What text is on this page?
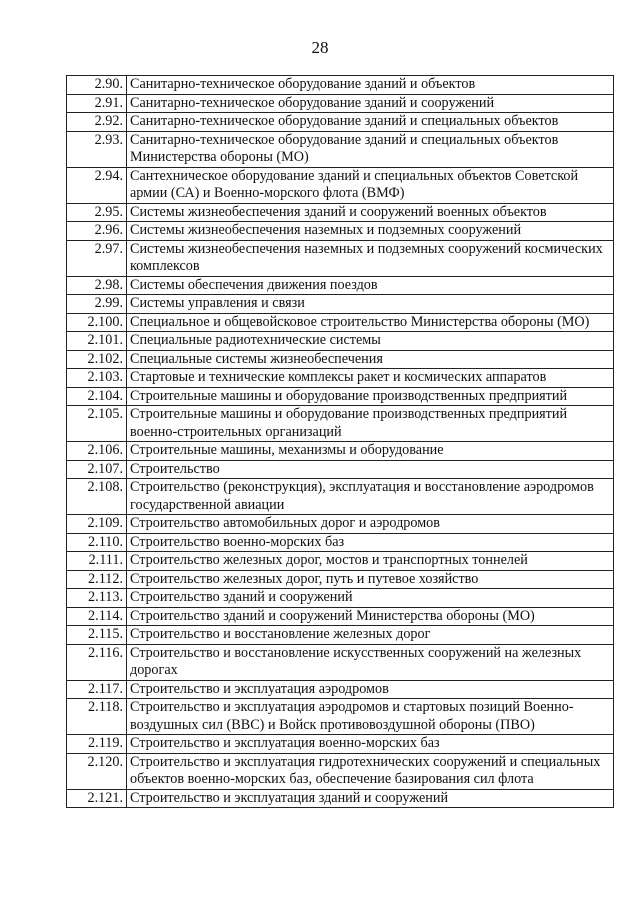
28
2.90.	Санитарно-техническое оборудование зданий и объектов
2.91.	Санитарно-техническое оборудование зданий и сооружений
2.92.	Санитарно-техническое оборудование зданий и специальных объектов
2.93.	Санитарно-техническое оборудование зданий и специальных объектов Министерства обороны (МО)
2.94.	Сантехническое оборудование зданий и специальных объектов Советской армии (СА) и Военно-морского флота (ВМФ)
2.95.	Системы жизнеобеспечения зданий и сооружений военных объектов
2.96.	Системы жизнеобеспечения наземных и подземных сооружений
2.97.	Системы жизнеобеспечения наземных и подземных сооружений космических комплексов
2.98.	Системы обеспечения движения поездов
2.99.	Системы управления и связи
2.100.	Специальное и общевойсковое строительство Министерства обороны (МО)
2.101.	Специальные радиотехнические системы
2.102.	Специальные системы жизнеобеспечения
2.103.	Стартовые и технические комплексы ракет и космических аппаратов
2.104.	Строительные машины и оборудование производственных предприятий
2.105.	Строительные машины и оборудование производственных предприятий военно-строительных организаций
2.106.	Строительные машины, механизмы и оборудование
2.107.	Строительство
2.108.	Строительство (реконструкция), эксплуатация и восстановление аэродромов государственной авиации
2.109.	Строительство автомобильных дорог и аэродромов
2.110.	Строительство военно-морских баз
2.111.	Строительство железных дорог, мостов и транспортных тоннелей
2.112.	Строительство железных дорог, путь и путевое хозяйство
2.113.	Строительство зданий и сооружений
2.114.	Строительство зданий и сооружений Министерства обороны (МО)
2.115.	Строительство и восстановление железных дорог
2.116.	Строительство и восстановление искусственных сооружений на железных дорогах
2.117.	Строительство и эксплуатация аэродромов
2.118.	Строительство и эксплуатация аэродромов и стартовых позиций Военно-воздушных сил (ВВС) и Войск противовоздушной обороны (ПВО)
2.119.	Строительство и эксплуатация военно-морских баз
2.120.	Строительство и эксплуатация гидротехнических сооружений и специальных объектов военно-морских баз, обеспечение базирования сил флота
2.121.	Строительство и эксплуатация зданий и сооружений
